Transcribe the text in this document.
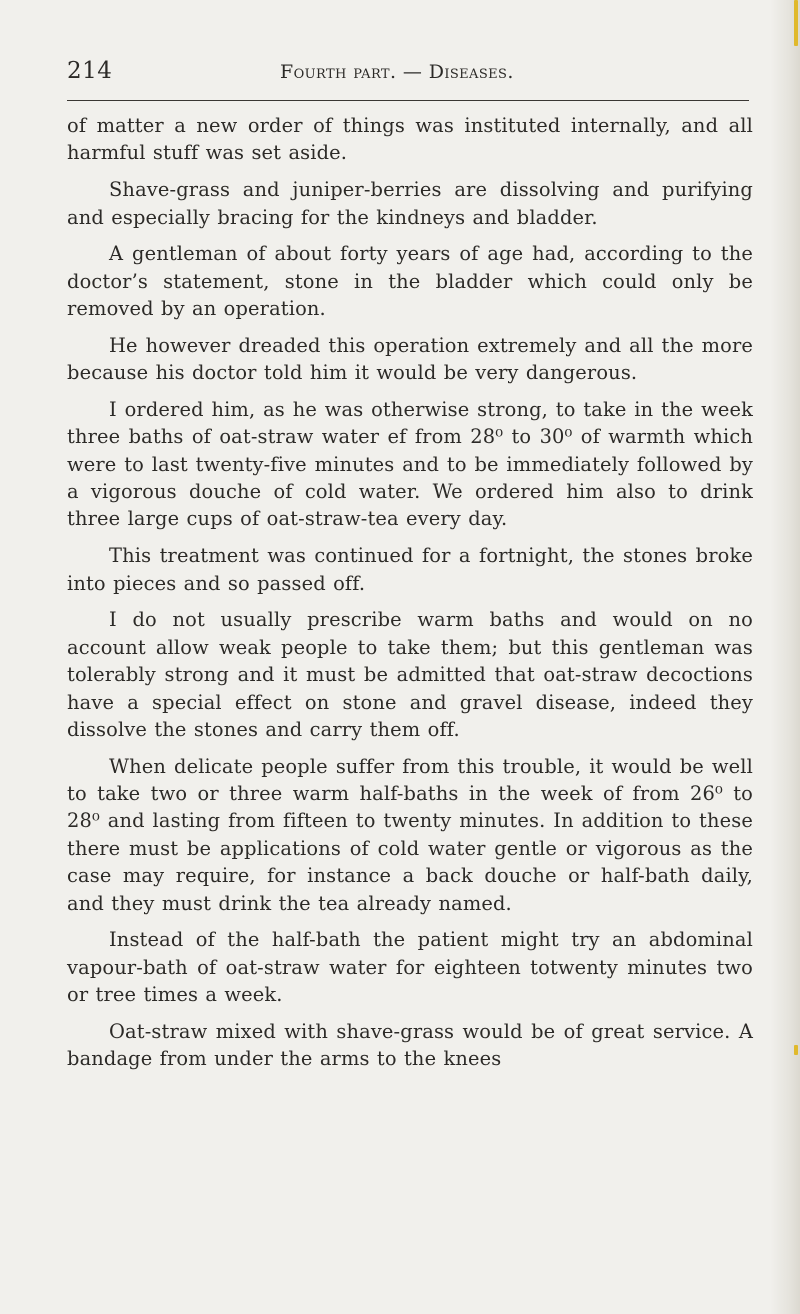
214	Fourth part. — Diseases.

of matter a new order of things was instituted internally, and all harmful stuff was set aside.

Shave-grass and juniper-berries are dissolving and purifying and especially bracing for the kindneys and bladder.

A gentleman of about forty years of age had, according to the doctor’s statement, stone in the bladder which could only be removed by an operation.

He however dreaded this operation extremely and all the more because his doctor told him it would be very dangerous.

I ordered him, as he was otherwise strong, to take in the week three baths of oat-straw water ef from 28⁰ to 30⁰ of warmth which were to last twenty-five minutes and to be immediately followed by a vigorous douche of cold water. We ordered him also to drink three large cups of oat-straw-tea every day.

This treatment was continued for a fortnight, the stones broke into pieces and so passed off.

I do not usually prescribe warm baths and would on no account allow weak people to take them; but this gentleman was tolerably strong and it must be admitted that oat-straw decoctions have a special effect on stone and gravel disease, indeed they dissolve the stones and carry them off.

When delicate people suffer from this trouble, it would be well to take two or three warm half-baths in the week of from 26⁰ to 28⁰ and lasting from fifteen to twenty minutes. In addition to these there must be applications of cold water gentle or vigorous as the case may require, for instance a back douche or half-bath daily, and they must drink the tea already named.

Instead of the half-bath the patient might try an abdominal vapour-bath of oat-straw water for eighteen totwenty minutes two or tree times a week.

Oat-straw mixed with shave-grass would be of great service. A bandage from under the arms to the knees
